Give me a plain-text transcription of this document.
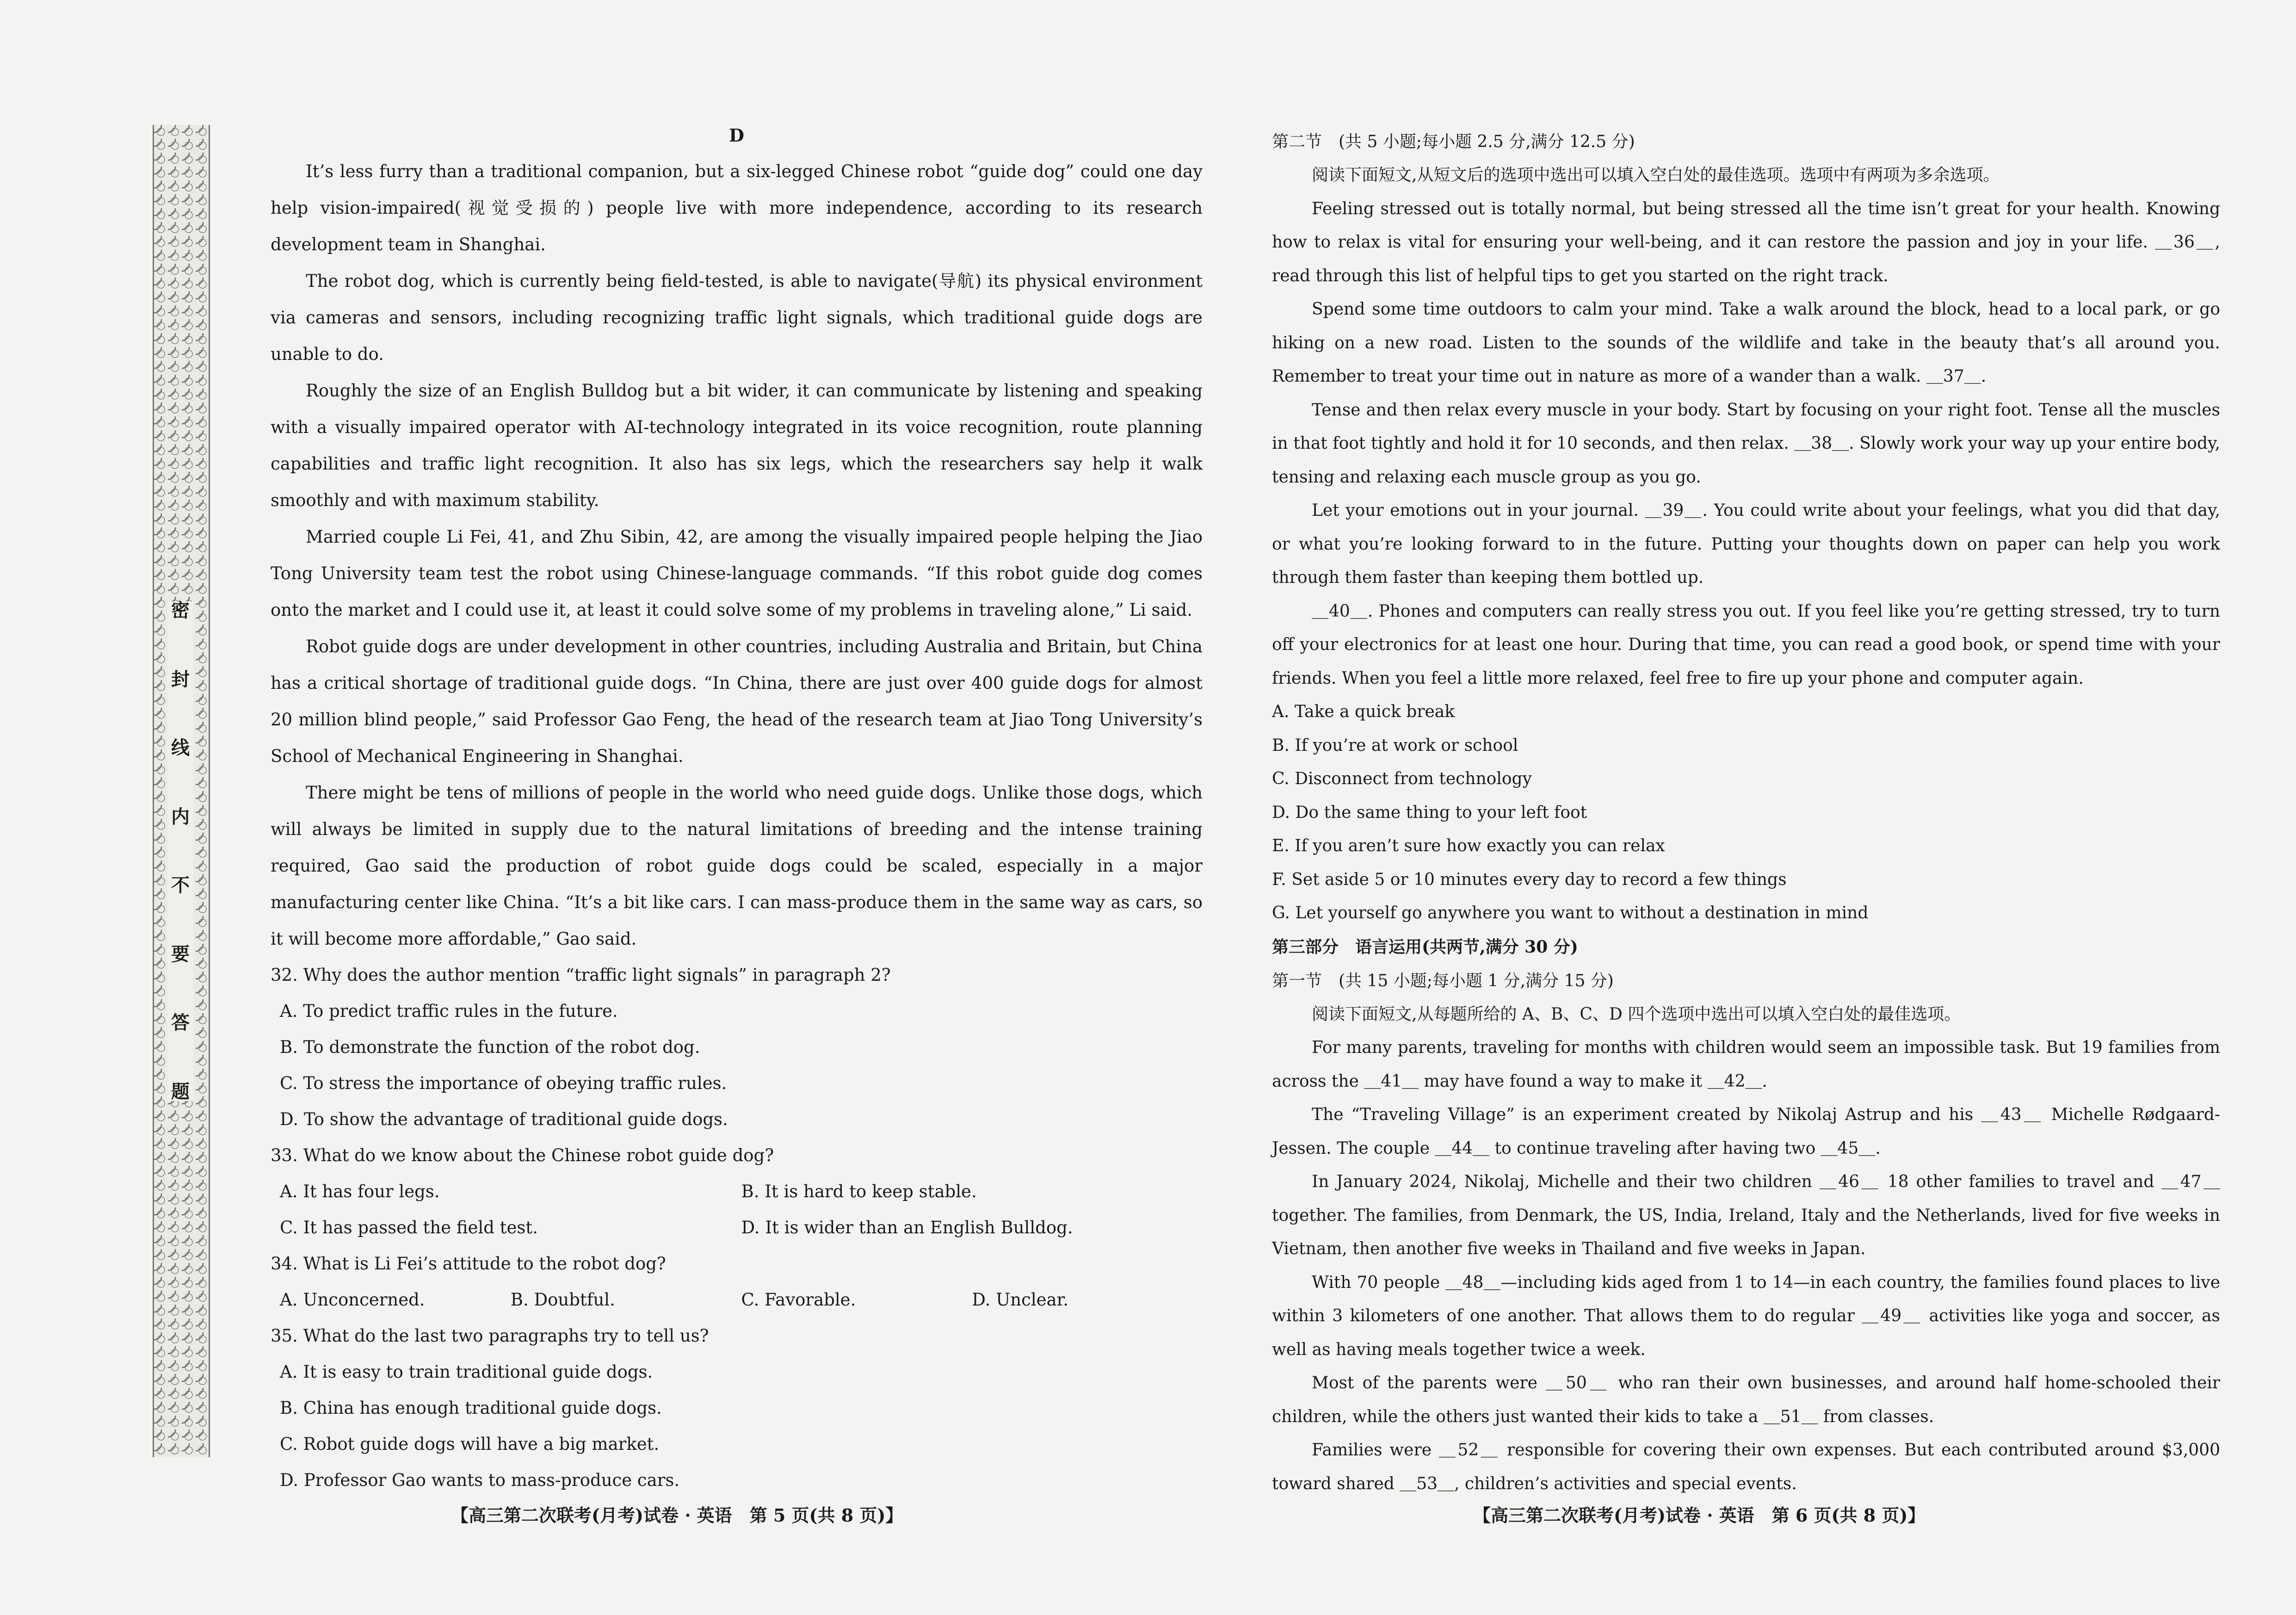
密
封
线
内
不
要
答
题
D

It’s less furry than a traditional companion, but a six-legged Chinese robot “guide dog” could one day help vision-impaired(视觉受损的) people live with more independence, according to its research development team in Shanghai.

The robot dog, which is currently being field-tested, is able to navigate(导航) its physical environment via cameras and sensors, including recognizing traffic light signals, which traditional guide dogs are unable to do.

Roughly the size of an English Bulldog but a bit wider, it can communicate by listening and speaking with a visually impaired operator with AI-technology integrated in its voice recognition, route planning capabilities and traffic light recognition. It also has six legs, which the researchers say help it walk smoothly and with maximum stability.

Married couple Li Fei, 41, and Zhu Sibin, 42, are among the visually impaired people helping the Jiao Tong University team test the robot using Chinese-language commands. “If this robot guide dog comes onto the market and I could use it, at least it could solve some of my problems in traveling alone,” Li said.

Robot guide dogs are under development in other countries, including Australia and Britain, but China has a critical shortage of traditional guide dogs. “In China, there are just over 400 guide dogs for almost 20 million blind people,” said Professor Gao Feng, the head of the research team at Jiao Tong University’s School of Mechanical Engineering in Shanghai.

There might be tens of millions of people in the world who need guide dogs. Unlike those dogs, which will always be limited in supply due to the natural limitations of breeding and the intense training required, Gao said the production of robot guide dogs could be scaled, especially in a major manufacturing center like China. “It’s a bit like cars. I can mass-produce them in the same way as cars, so it will become more affordable,” Gao said.

32. Why does the author mention “traffic light signals” in paragraph 2?
A. To predict traffic rules in the future.
B. To demonstrate the function of the robot dog.
C. To stress the importance of obeying traffic rules.
D. To show the advantage of traditional guide dogs.
33. What do we know about the Chinese robot guide dog?
A. It has four legs.	B. It is hard to keep stable.
C. It has passed the field test.	D. It is wider than an English Bulldog.
34. What is Li Fei’s attitude to the robot dog?
A. Unconcerned.	B. Doubtful.	C. Favorable.	D. Unclear.
35. What do the last two paragraphs try to tell us?
A. It is easy to train traditional guide dogs.
B. China has enough traditional guide dogs.
C. Robot guide dogs will have a big market.
D. Professor Gao wants to mass-produce cars.
【高三第二次联考(月考)试卷 · 英语　第 5 页(共 8 页)】
第二节　(共 5 小题;每小题 2.5 分,满分 12.5 分)

阅读下面短文,从短文后的选项中选出可以填入空白处的最佳选项。选项中有两项为多余选项。

Feeling stressed out is totally normal, but being stressed all the time isn’t great for your health. Knowing how to relax is vital for ensuring your well-being, and it can restore the passion and joy in your life. ＿36＿, read through this list of helpful tips to get you started on the right track.

Spend some time outdoors to calm your mind. Take a walk around the block, head to a local park, or go hiking on a new road. Listen to the sounds of the wildlife and take in the beauty that’s all around you. Remember to treat your time out in nature as more of a wander than a walk. ＿37＿.

Tense and then relax every muscle in your body. Start by focusing on your right foot. Tense all the muscles in that foot tightly and hold it for 10 seconds, and then relax. ＿38＿. Slowly work your way up your entire body, tensing and relaxing each muscle group as you go.

Let your emotions out in your journal. ＿39＿. You could write about your feelings, what you did that day, or what you’re looking forward to in the future. Putting your thoughts down on paper can help you work through them faster than keeping them bottled up.

＿40＿. Phones and computers can really stress you out. If you feel like you’re getting stressed, try to turn off your electronics for at least one hour. During that time, you can read a good book, or spend time with your friends. When you feel a little more relaxed, feel free to fire up your phone and computer again.

A. Take a quick break
B. If you’re at work or school
C. Disconnect from technology
D. Do the same thing to your left foot
E. If you aren’t sure how exactly you can relax
F. Set aside 5 or 10 minutes every day to record a few things
G. Let yourself go anywhere you want to without a destination in mind
第三部分　语言运用(共两节,满分 30 分)
第一节　(共 15 小题;每小题 1 分,满分 15 分)

阅读下面短文,从每题所给的 A、B、C、D 四个选项中选出可以填入空白处的最佳选项。

For many parents, traveling for months with children would seem an impossible task. But 19 families from across the ＿41＿ may have found a way to make it ＿42＿.

The “Traveling Village” is an experiment created by Nikolaj Astrup and his ＿43＿ Michelle Rødgaard-Jessen. The couple ＿44＿ to continue traveling after having two ＿45＿.

In January 2024, Nikolaj, Michelle and their two children ＿46＿ 18 other families to travel and ＿47＿ together. The families, from Denmark, the US, India, Ireland, Italy and the Netherlands, lived for five weeks in Vietnam, then another five weeks in Thailand and five weeks in Japan.

With 70 people ＿48＿—including kids aged from 1 to 14—in each country, the families found places to live within 3 kilometers of one another. That allows them to do regular ＿49＿ activities like yoga and soccer, as well as having meals together twice a week.

Most of the parents were ＿50＿ who ran their own businesses, and around half home-schooled their children, while the others just wanted their kids to take a ＿51＿ from classes.

Families were ＿52＿ responsible for covering their own expenses. But each contributed around $3,000 toward shared ＿53＿, children’s activities and special events.

【高三第二次联考(月考)试卷 · 英语　第 6 页(共 8 页)】
